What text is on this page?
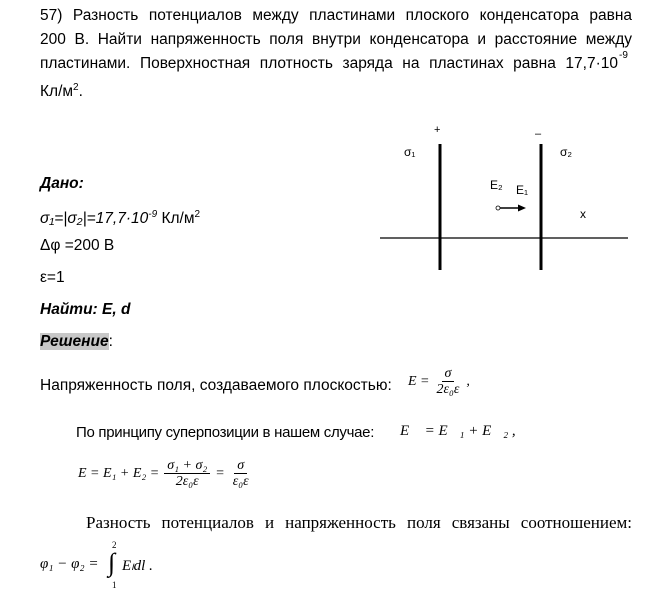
57) Разность потенциалов между пластинами плоского конденсатора равна
200 В. Найти напряженность поля внутри конденсатора и расстояние между
пластинами. Поверхностная плотность заряда на пластинах равна 17,7·10 -9
$Кл/м^2$.
+	–
σ₁	σ₂
E₂ E₁
x
Дано:
$\sigma_1=|\sigma_2|=17,7\cdot 10^{-9}$ $Кл/м^2$
Δφ =200 В
ε=1
Найти: E, d
Решение:
Напряженность поля, создаваемого плоскостью: $E = \frac{\sigma}{\text{2ε₀ε}}$ ,
По принципу суперпозиции в нашем случае: E⃗ = E⃗₁ + E⃗₂ ,
$E = E_1 + E_2 = \frac{\text{σ₁ + σ₂}}{\text{2ε₀ε}} = \frac{\sigma}{\text{ε₀ε}}$
Разность потенциалов и напряженность поля связаны соотношением:
φ₁ − φ₂ =
2
∫
1
Eₗdl .
